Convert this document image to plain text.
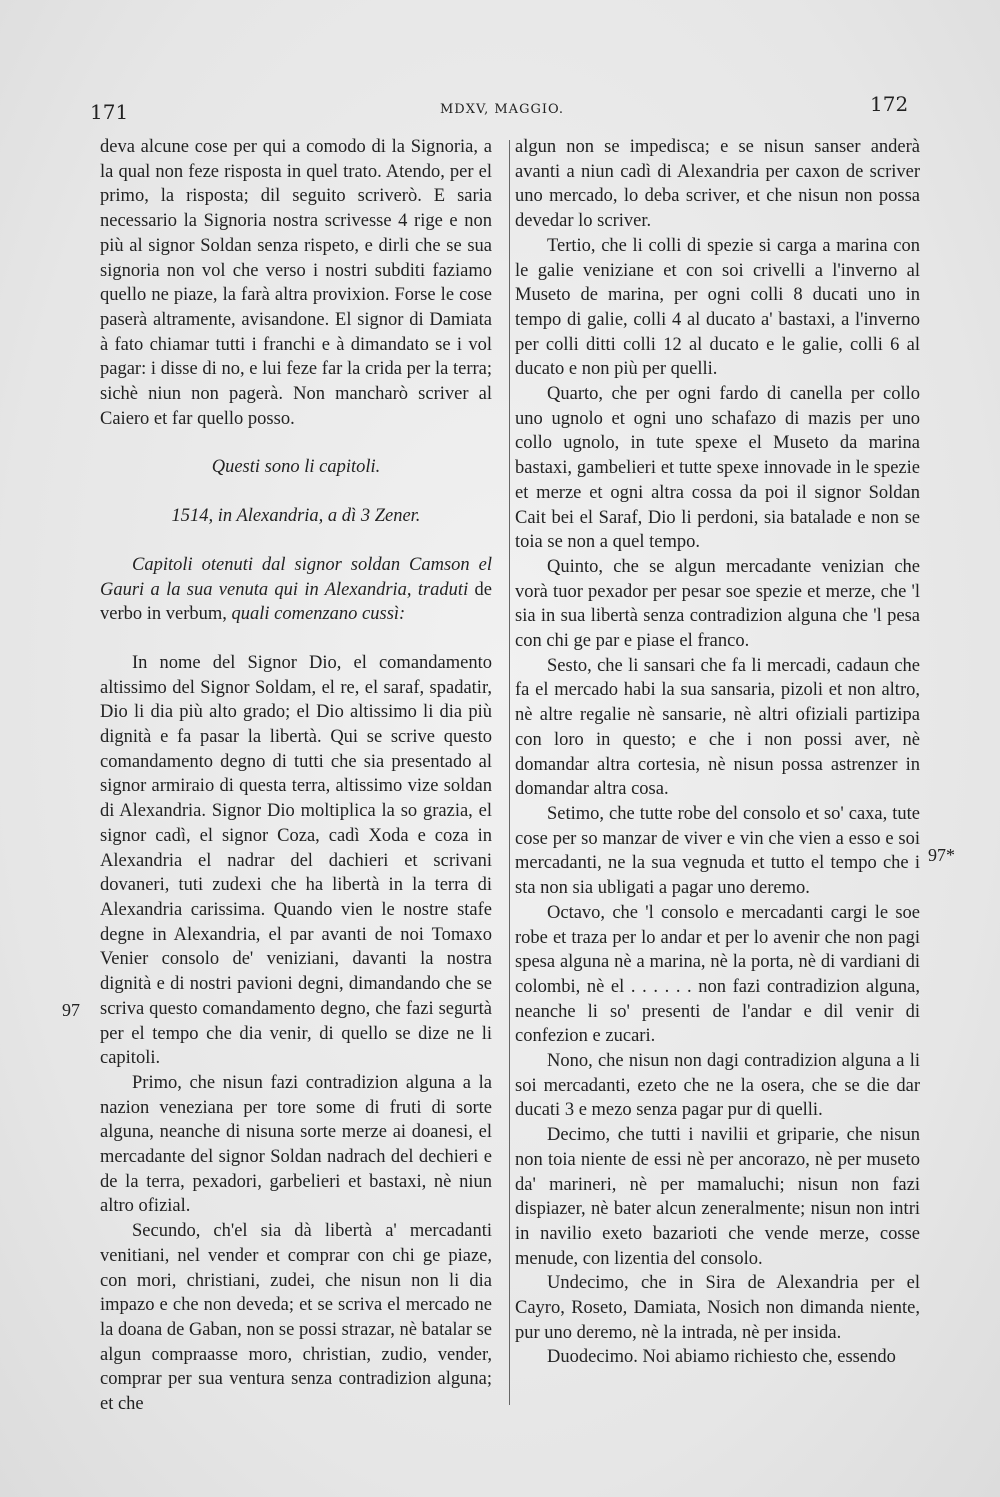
171	MDXV, MAGGIO.	172

deva alcune cose per qui a comodo di la Signoria, a la qual non feze risposta in quel trato. Atendo, per el primo, la risposta; dil seguito scriverò. E saria necessario la Signoria nostra scrivesse 4 rige e non più al signor Soldan senza rispeto, e dirli che se sua signoria non vol che verso i nostri subditi faziamo quello ne piaze, la farà altra provixion. Forse le cose paserà altramente, avisandone. El signor di Damiata à fato chiamar tutti i franchi e à dimandato se i vol pagar: i disse di no, e lui feze far la crida per la terra; sichè niun non pagerà. Non mancharò scriver al Caiero et far quello posso.

Questi sono li capitoli.

1514, in Alexandria, a dì 3 Zener.

Capitoli otenuti dal signor soldan Camson el Gauri a la sua venuta qui in Alexandria, traduti de verbo in verbum, quali comenzano cussì:

In nome del Signor Dio, el comandamento altissimo del Signor Soldam, el re, el saraf, spadatir, Dio li dia più alto grado; el Dio altissimo li dia più dignità e fa pasar la libertà. Qui se scrive questo comandamento degno di tutti che sia presentado al signor armiraio di questa terra, altissimo vize soldan di Alexandria. Signor Dio moltiplica la so grazia, el signor cadì, el signor Coza, cadì Xoda e coza in Alexandria el nadrar del dachieri et scrivani dovaneri, tuti zudexi che ha libertà in la terra di Alexandria carissima. Quando vien le nostre stafe degne in Alexandria, el par avanti de noi Tomaxo Venier consolo de' veniziani, davanti la nostra dignità e di nostri pavioni degni, dimandando che se scriva questo comandamento degno, che fazi segurtà per el tempo che dia venir, di quello se dize ne li capitoli.

Primo, che nisun fazi contradizion alguna a la nazion veneziana per tore some di fruti di sorte alguna, neanche di nisuna sorte merze ai doanesi, el mercadante del signor Soldan nadrach del dechieri e de la terra, pexadori, garbelieri et bastaxi, nè niun altro ofizial.

Secundo, ch'el sia dà libertà a' mercadanti venitiani, nel vender et comprar con chi ge piaze, con mori, christiani, zudei, che nisun non li dia impazo e che non deveda; et se scriva el mercado ne la doana de Gaban, non se possi strazar, nè batalar se algun compraasse moro, christian, zudio, vender, comprar per sua ventura senza contradizion alguna; et che

algun non se impedisca; e se nisun sanser anderà avanti a niun cadì di Alexandria per caxon de scriver uno mercado, lo deba scriver, et che nisun non possa devedar lo scriver.

Tertio, che li colli di spezie si carga a marina con le galie veniziane et con soi crivelli a l'inverno al Museto de marina, per ogni colli 8 ducati uno in tempo di galie, colli 4 al ducato a' bastaxi, a l'inverno per colli ditti colli 12 al ducato e le galie, colli 6 al ducato e non più per quelli.

Quarto, che per ogni fardo di canella per collo uno ugnolo et ogni uno schafazo di mazis per uno collo ugnolo, in tute spexe el Museto da marina bastaxi, gambelieri et tutte spexe innovade in le spezie et merze et ogni altra cossa da poi il signor Soldan Cait bei el Saraf, Dio li perdoni, sia batalade e non se toia se non a quel tempo.

Quinto, che se algun mercadante venizian che vorà tuor pexador per pesar soe spezie et merze, che 'l sia in sua libertà senza contradizion alguna che 'l pesa con chi ge par e piase el franco.

Sesto, che li sansari che fa li mercadi, cadaun che fa el mercado habi la sua sansaria, pizoli et non altro, nè altre regalie nè sansarie, nè altri ofiziali partizipa con loro in questo; e che i non possi aver, nè domandar altra cortesia, nè nisun possa astrenzer in domandar altra cosa.

Setimo, che tutte robe del consolo et so' caxa, tute cose per so manzar de viver e vin che vien a esso e soi mercadanti, ne la sua vegnuda et tutto el tempo che i sta non sia ubligati a pagar uno deremo.

Octavo, che 'l consolo e mercadanti cargi le soe robe et traza per lo andar et per lo avenir che non pagi spesa alguna nè a marina, nè la porta, nè di vardiani di colombi, nè el . . . . . . non fazi contradizion alguna, neanche li so' presenti de l'andar e dil venir di confezion e zucari.

Nono, che nisun non dagi contradizion alguna a li soi mercadanti, ezeto che ne la osera, che se die dar ducati 3 e mezo senza pagar pur di quelli.

Decimo, che tutti i navilii et griparie, che nisun non toia niente de essi nè per ancorazo, nè per museto da' marineri, nè per mamaluchi; nisun non fazi dispiazer, nè bater alcun zeneralmente; nisun non intri in navilio exeto bazarioti che vende merze, cosse menude, con lizentia del consolo.

Undecimo, che in Sira de Alexandria per el Cayro, Roseto, Damiata, Nosich non dimanda niente, pur uno deremo, nè la intrada, nè per insida.

Duodecimo. Noi abiamo richiesto che, essendo

97
97*
